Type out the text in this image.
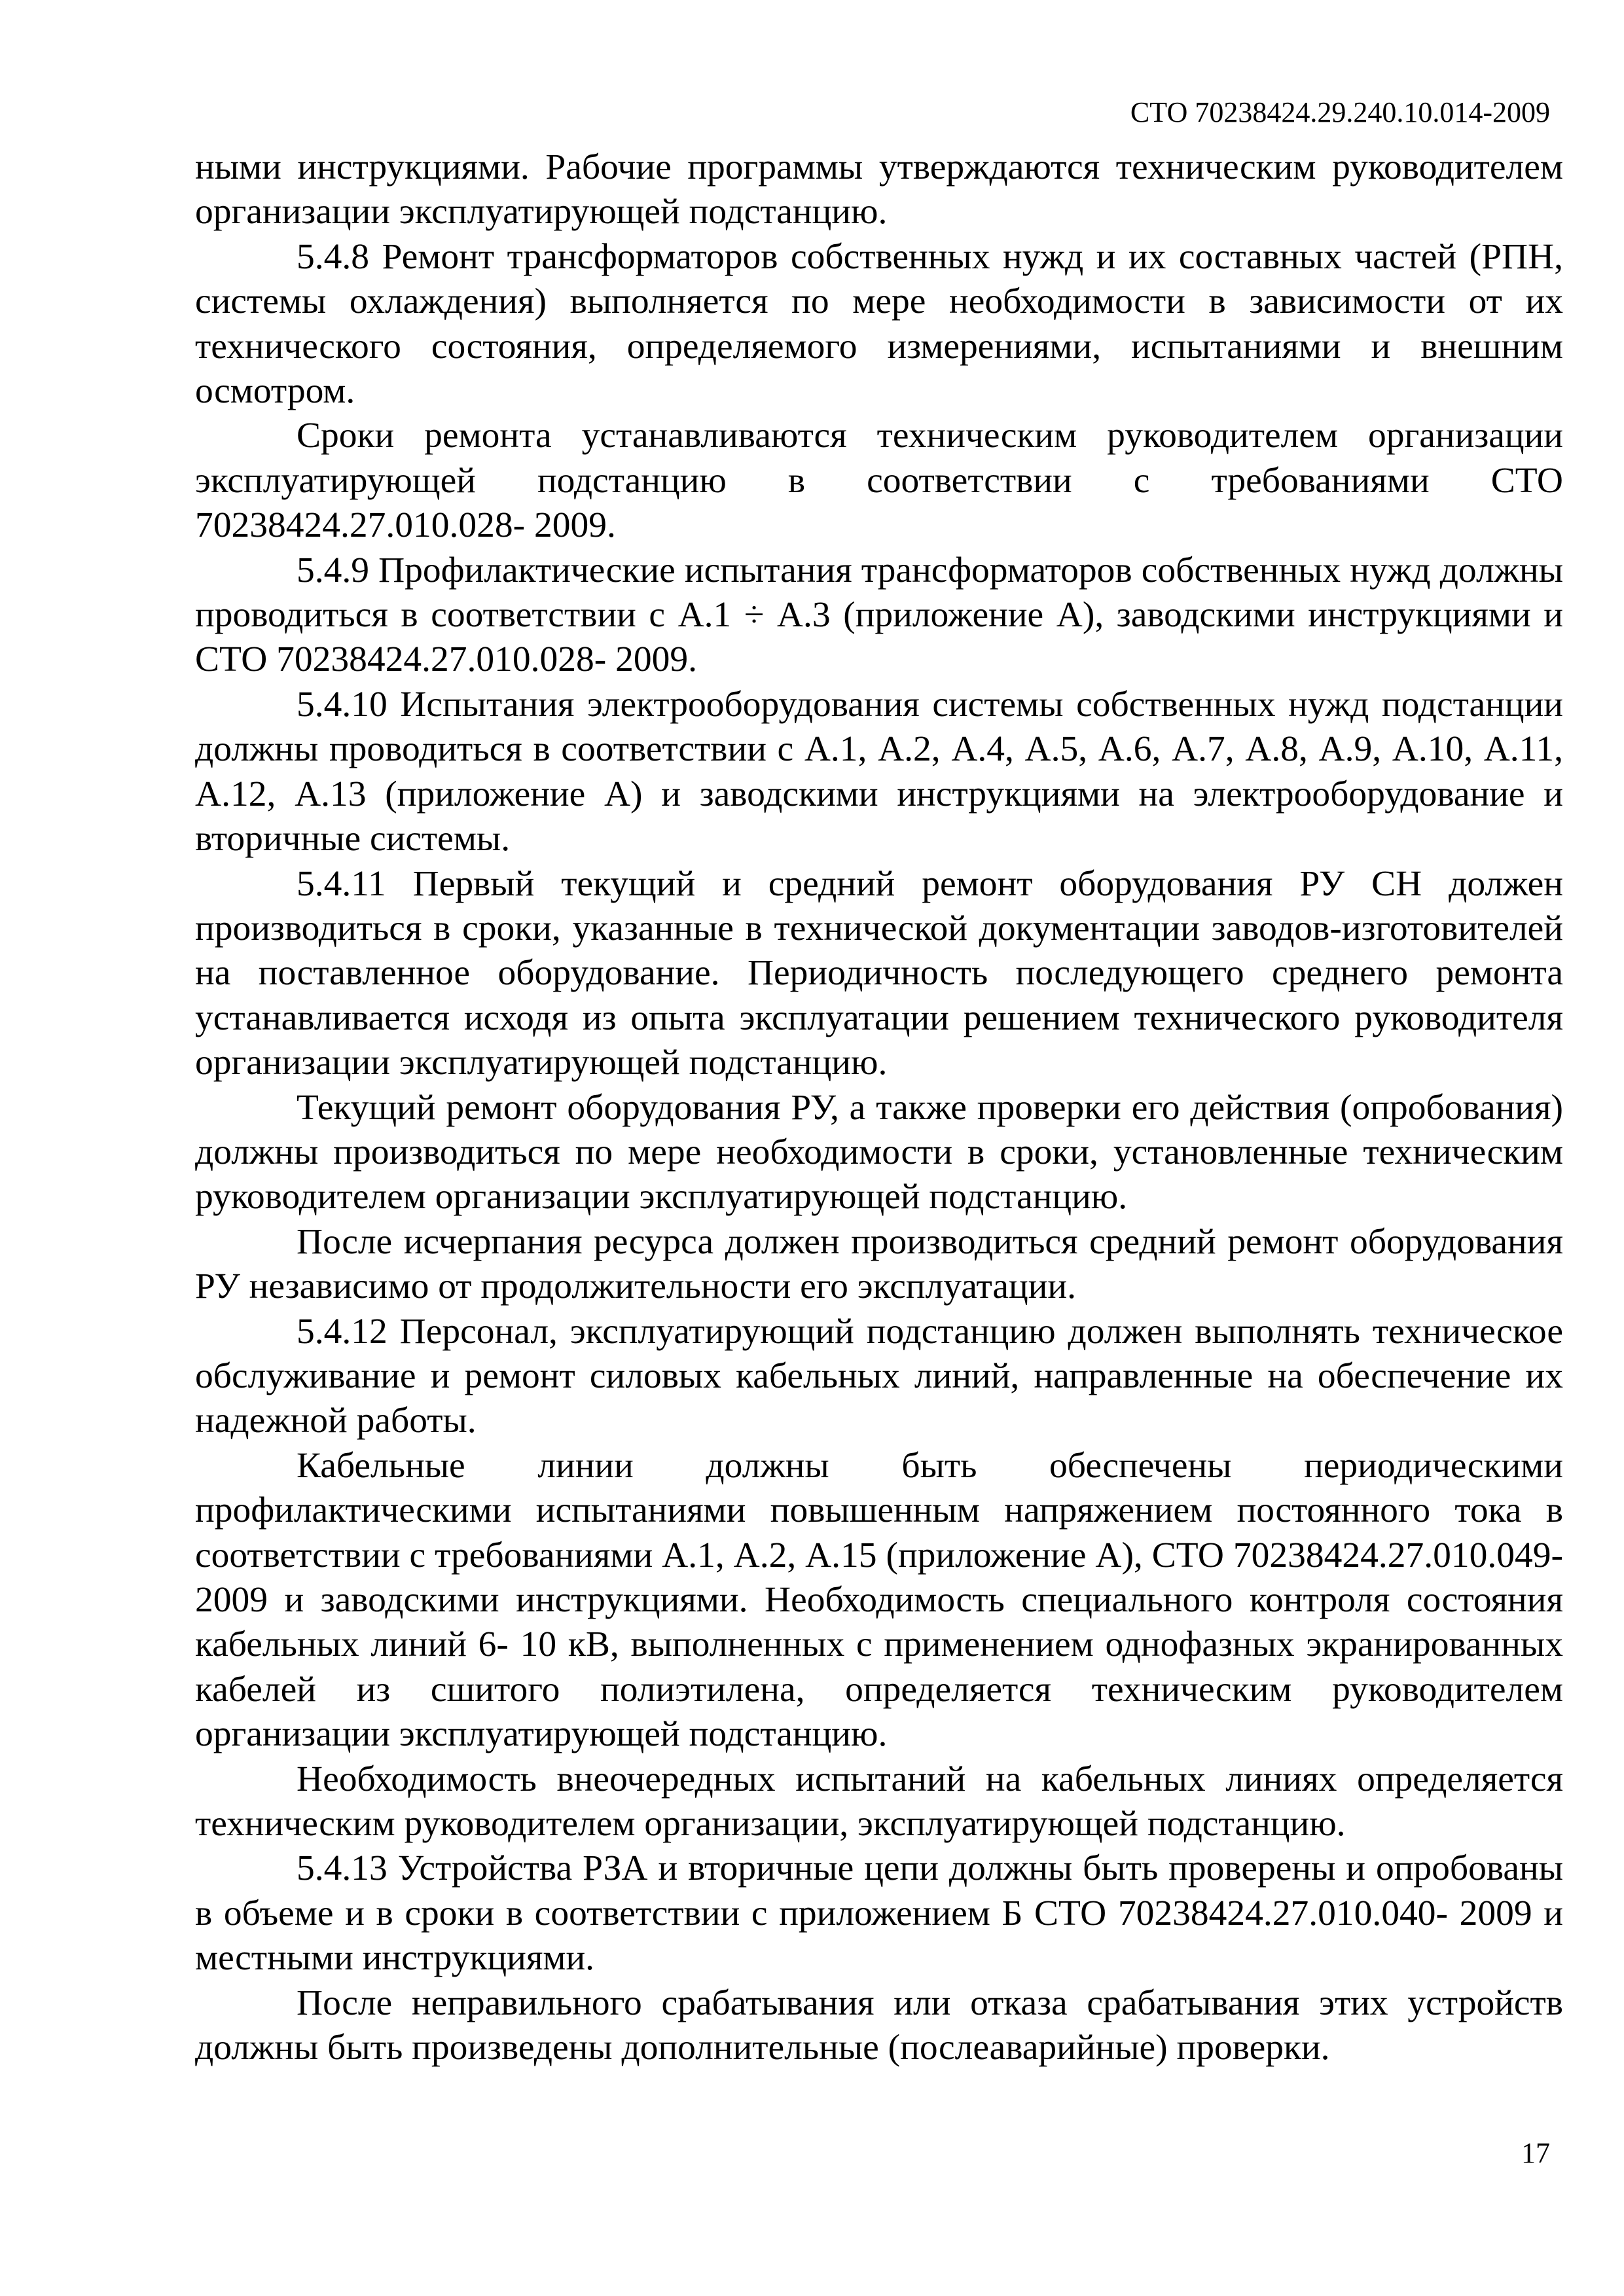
СТО 70238424.29.240.10.014-2009

ными инструкциями. Рабочие программы утверждаются техническим руководителем организации эксплуатирующей подстанцию.

5.4.8 Ремонт трансформаторов собственных нужд и их составных частей (РПН, системы охлаждения) выполняется по мере необходимости в зависимости от их технического состояния, определяемого измерениями, испытаниями и внешним осмотром.

Сроки ремонта устанавливаются техническим руководителем организации эксплуатирующей подстанцию в соответствии с требованиями СТО 70238424.27.010.028- 2009.

5.4.9 Профилактические испытания трансформаторов собственных нужд должны проводиться в соответствии с А.1 ÷ А.3 (приложение А), заводскими инструкциями и СТО 70238424.27.010.028- 2009.

5.4.10 Испытания электрооборудования системы собственных нужд подстанции должны проводиться в соответствии с А.1, А.2, А.4, А.5, А.6, А.7, А.8, А.9, А.10, А.11, А.12, А.13 (приложение А) и заводскими инструкциями на электрооборудование и вторичные системы.

5.4.11 Первый текущий и средний ремонт оборудования РУ СН должен производиться в сроки, указанные в технической документации заводов-изготовителей на поставленное оборудование. Периодичность последующего среднего ремонта устанавливается исходя из опыта эксплуатации решением технического руководителя организации эксплуатирующей подстанцию.

Текущий ремонт оборудования РУ, а также проверки его действия (опробования) должны производиться по мере необходимости в сроки, установленные техническим руководителем организации эксплуатирующей подстанцию.

После исчерпания ресурса должен производиться средний ремонт оборудования РУ независимо от продолжительности его эксплуатации.

5.4.12 Персонал, эксплуатирующий подстанцию должен выполнять техническое обслуживание и ремонт силовых кабельных линий, направленные на обеспечение их надежной работы.

Кабельные линии должны быть обеспечены периодическими профилактическими испытаниями повышенным напряжением постоянного тока в соответствии с требованиями А.1, А.2, А.15 (приложение А), СТО 70238424.27.010.049- 2009 и заводскими инструкциями. Необходимость специального контроля состояния кабельных линий 6- 10 кВ, выполненных с применением однофазных экранированных кабелей из сшитого полиэтилена, определяется техническим руководителем организации эксплуатирующей подстанцию.

Необходимость внеочередных испытаний на кабельных линиях определяется техническим руководителем организации, эксплуатирующей подстанцию.

5.4.13 Устройства РЗА и вторичные цепи должны быть проверены и опробованы в объеме и в сроки в соответствии с приложением Б СТО 70238424.27.010.040- 2009 и местными инструкциями.

После неправильного срабатывания или отказа срабатывания этих устройств должны быть произведены дополнительные (послеаварийные) проверки.

17
